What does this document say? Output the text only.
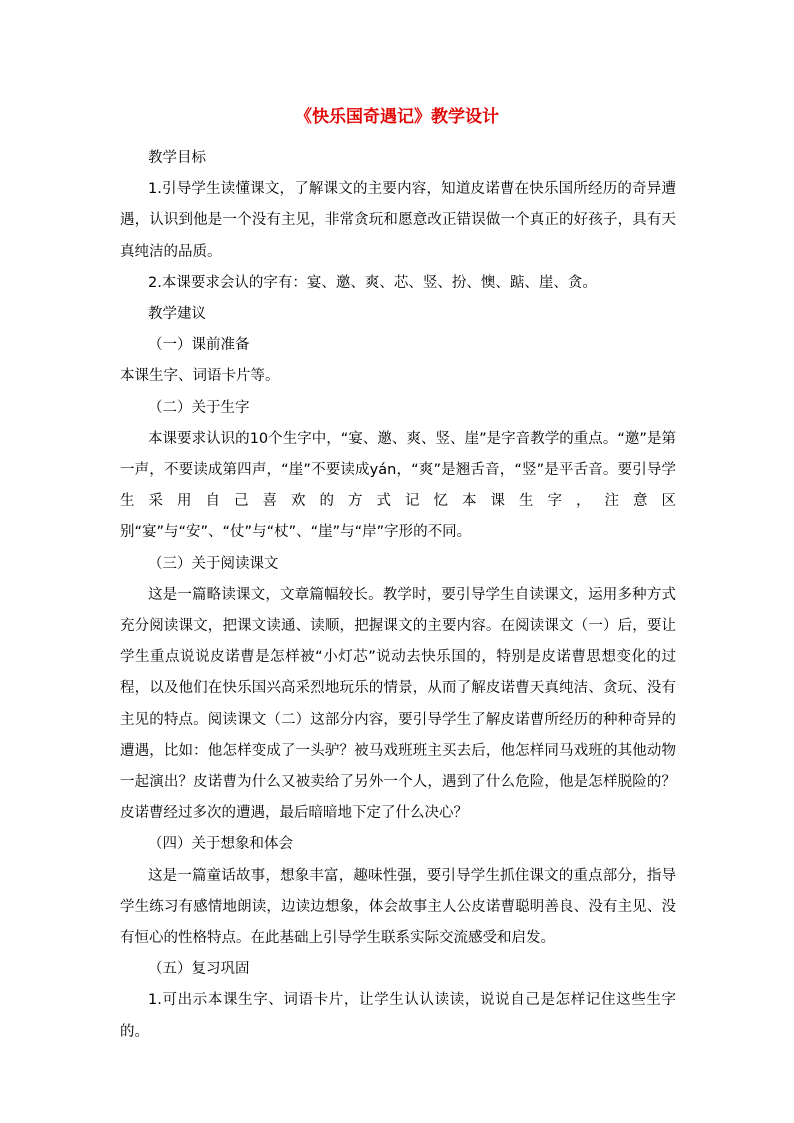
《快乐国奇遇记》教学设计

教学目标

1.引导学生读懂课文，了解课文的主要内容，知道皮诺曹在快乐国所经历的奇异遭遇，认识到他是一个没有主见，非常贪玩和愿意改正错误做一个真正的好孩子，具有天真纯洁的品质。

2.本课要求会认的字有：宴、邀、爽、芯、竖、扮、懊、踮、崖、贪。

教学建议

（一）课前准备

本课生字、词语卡片等。

（二）关于生字

本课要求认识的10个生字中，“宴、邀、爽、竖、崖”是字音教学的重点。“邀”是第一声，不要读成第四声，“崖”不要读成yán，“爽”是翘舌音，“竖”是平舌音。要引导学生采用自己喜欢的方式记忆本课生字，注意区别“宴”与“安”、“仗”与“杖”、“崖”与“岸”字形的不同。

（三）关于阅读课文

这是一篇略读课文，文章篇幅较长。教学时，要引导学生自读课文，运用多种方式充分阅读课文，把课文读通、读顺，把握课文的主要内容。在阅读课文（一）后，要让学生重点说说皮诺曹是怎样被“小灯芯”说动去快乐国的，特别是皮诺曹思想变化的过程，以及他们在快乐国兴高采烈地玩乐的情景，从而了解皮诺曹天真纯洁、贪玩、没有主见的特点。阅读课文（二）这部分内容，要引导学生了解皮诺曹所经历的种种奇异的遭遇，比如：他怎样变成了一头驴？被马戏班班主买去后，他怎样同马戏班的其他动物一起演出？皮诺曹为什么又被卖给了另外一个人，遇到了什么危险，他是怎样脱险的？皮诺曹经过多次的遭遇，最后暗暗地下定了什么决心？

（四）关于想象和体会

这是一篇童话故事，想象丰富，趣味性强，要引导学生抓住课文的重点部分，指导学生练习有感情地朗读，边读边想象，体会故事主人公皮诺曹聪明善良、没有主见、没有恒心的性格特点。在此基础上引导学生联系实际交流感受和启发。

（五）复习巩固

1.可出示本课生字、词语卡片，让学生认认读读，说说自己是怎样记住这些生字的。
